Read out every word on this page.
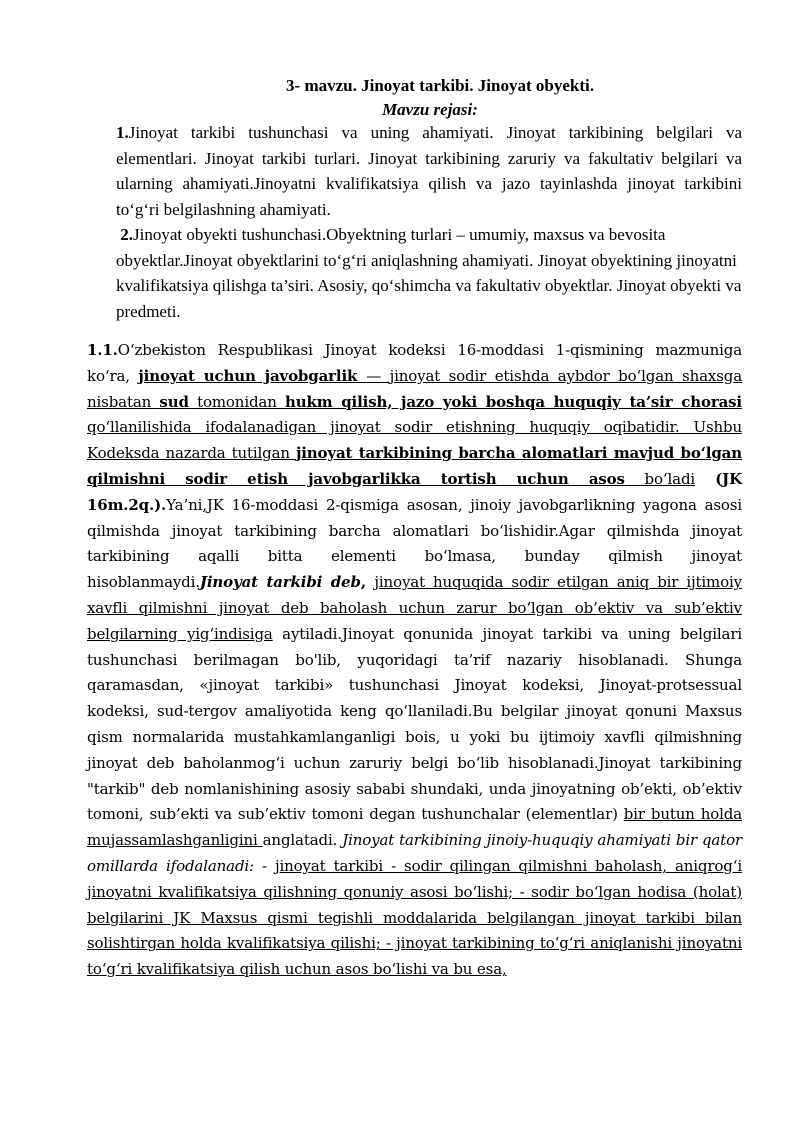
3- mavzu. Jinoyat tarkibi. Jinoyat obyekti.
Mavzu rejasi:
1.Jinoyat tarkibi tushunchasi va uning ahamiyati. Jinoyat tarkibining belgilari va elementlari. Jinoyat tarkibi turlari. Jinoyat tarkibining zaruriy va fakultativ belgilari va ularning ahamiyati.Jinoyatni kvalifikatsiya qilish va jazo tayinlashda jinoyat tarkibini to‘g‘ri belgilashning ahamiyati.
2.Jinoyat obyekti tushunchasi.Obyektning turlari – umumiy, maxsus va bevosita obyektlar.Jinoyat obyektlarini to‘g‘ri aniqlashning ahamiyati. Jinoyat obyektining jinoyatni kvalifikatsiya qilishga ta’siri. Asosiy, qo‘shimcha va fakultativ obyektlar. Jinoyat obyekti va predmeti.
1.1.O‘zbekiston Respublikasi Jinoyat kodeksi 16-moddasi 1-qismining mazmuniga ko‘ra, jinoyat uchun javobgarlik — jinoyat sodir etishda aybdor bo‘lgan shaxsga nisbatan sud tomonidan hukm qilish, jazo yoki boshqa huquqiy ta’sir chorasi qo‘llanilishida ifodalanadigan jinoyat sodir etishning huquqiy oqibatidir. Ushbu Kodeksda nazarda tutilgan jinoyat tarkibining barcha alomatlari mavjud bo‘lgan qilmishni sodir etish javobgarlikka tortish uchun asos bo‘ladi (JK 16m.2q.).Ya’ni,JK 16-moddasi 2-qismiga asosan, jinoiy javobgarlikning yagona asosi qilmishda jinoyat tarkibining barcha alomatlari bo‘lishidir.Agar qilmishda jinoyat tarkibining aqalli bitta elementi bo‘lmasa, bunday qilmish jinoyat hisoblanmaydi.Jinoyat tarkibi deb, jinoyat huquqida sodir etilgan aniq bir ijtimoiy xavfli qilmishni jinoyat deb baholash uchun zarur bo‘lgan ob’ektiv va sub’ektiv belgilarning yig‘indisiga aytiladi.Jinoyat qonunida jinoyat tarkibi va uning belgilari tushunchasi berilmagan bo'lib, yuqoridagi ta’rif nazariy hisoblanadi. Shunga qaramasdan, «jinoyat tarkibi» tushunchasi Jinoyat kodeksi, Jinoyat-protsessual kodeksi, sud-tergov amaliyotida keng qo‘llaniladi.Bu belgilar jinoyat qonuni Maxsus qism normalarida mustahkamlanganligi bois, u yoki bu ijtimoiy xavfli qilmishning jinoyat deb baholanmog‘i uchun zaruriy belgi bo‘lib hisoblanadi.Jinoyat tarkibining "tarkib" deb nomlanishining asosiy sababi shundaki, unda jinoyatning ob’ekti, ob’ektiv tomoni, sub’ekti va sub’ektiv tomoni degan tushunchalar (elementlar) bir butun holda mujassamlashganligini anglatadi. Jinoyat tarkibining jinoiy-huquqiy ahamiyati bir qator omillarda ifodalanadi: - jinoyat tarkibi - sodir qilingan qilmishni baholash, aniqrog‘i jinoyatni kvalifikatsiya qilishning qonuniy asosi bo‘lishi; - sodir bo‘lgan hodisa (holat) belgilarini JK Maxsus qismi tegishli moddalarida belgilangan jinoyat tarkibi bilan solishtirgan holda kvalifikatsiya qilishi; - jinoyat tarkibining to‘g‘ri aniqlanishi jinoyatni to‘g‘ri kvalifikatsiya qilish uchun asos bo‘lishi va bu esa,
